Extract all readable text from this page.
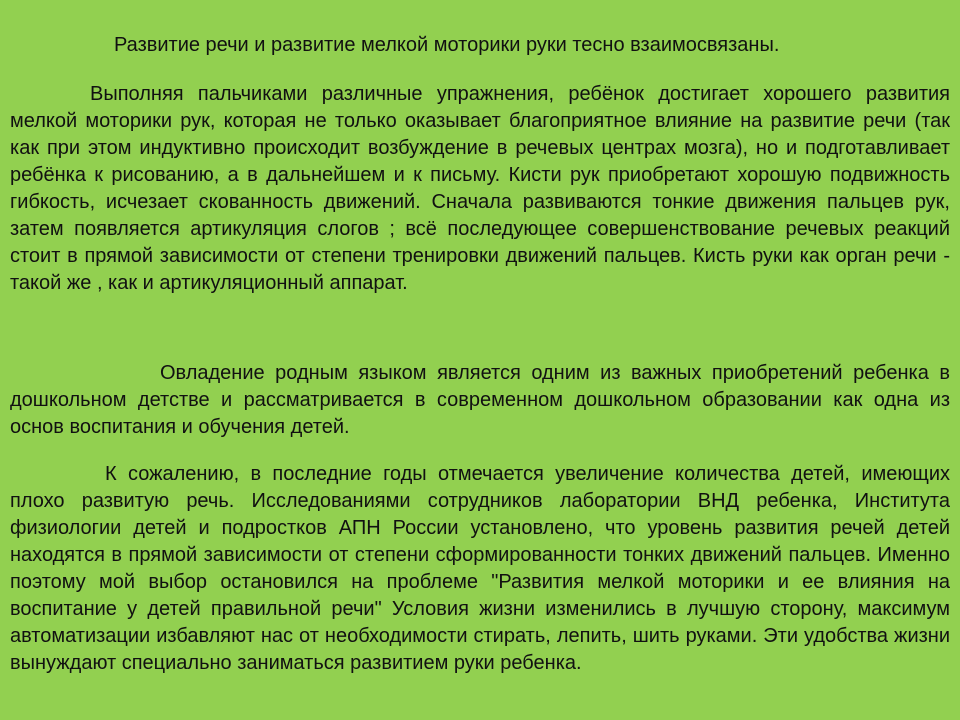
Развитие речи и развитие мелкой моторики руки тесно взаимосвязаны.

Выполняя пальчиками различные упражнения, ребёнок достигает хорошего развития мелкой моторики рук, которая не только оказывает благоприятное влияние на развитие речи (так как при этом индуктивно происходит возбуждение в речевых центрах мозга), но и подготавливает ребёнка к рисованию, а в дальнейшем и к письму. Кисти рук приобретают хорошую подвижность гибкость, исчезает скованность движений. Сначала развиваются тонкие движения пальцев рук, затем появляется артикуляция слогов ; всё последующее совершенствование речевых реакций стоит в прямой зависимости от степени тренировки движений пальцев. Кисть руки как орган речи - такой же , как и артикуляционный аппарат.

Овладение родным языком является одним из важных приобретений ребенка в дошкольном детстве и рассматривается в современном дошкольном образовании как одна из основ воспитания и обучения детей.

К сожалению, в последние годы отмечается увеличение количества детей, имеющих плохо развитую речь. Исследованиями сотрудников лаборатории ВНД ребенка, Института физиологии детей и подростков АПН России установлено, что уровень развития речей детей находятся в прямой зависимости от степени сформированности тонких движений пальцев. Именно поэтому мой выбор остановился на проблеме "Развития мелкой моторики и ее влияния на воспитание у детей правильной речи" Условия жизни изменились в лучшую сторону, максимум автоматизации избавляют нас от необходимости стирать, лепить, шить руками. Эти удобства жизни вынуждают специально заниматься развитием руки ребенка.
